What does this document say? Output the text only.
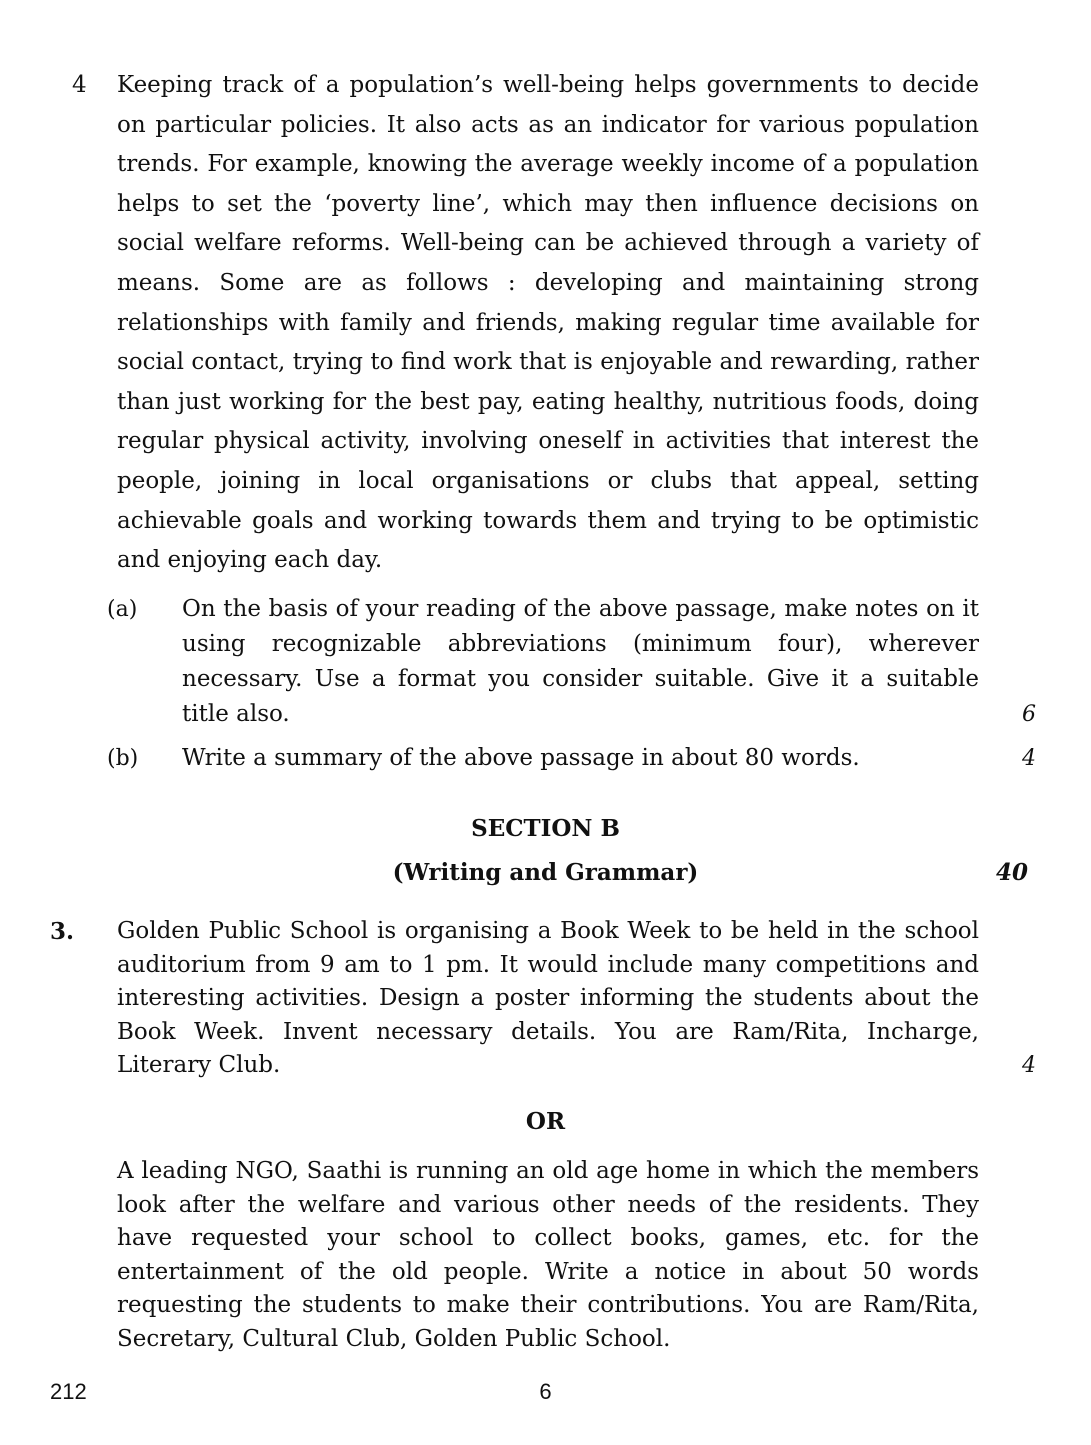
4 Keeping track of a population’s well-being helps governments to decide on particular policies. It also acts as an indicator for various population trends. For example, knowing the average weekly income of a population helps to set the ‘poverty line’, which may then influence decisions on social welfare reforms. Well-being can be achieved through a variety of means. Some are as follows : developing and maintaining strong relationships with family and friends, making regular time available for social contact, trying to find work that is enjoyable and rewarding, rather than just working for the best pay, eating healthy, nutritious foods, doing regular physical activity, involving oneself in activities that interest the people, joining in local organisations or clubs that appeal, setting achievable goals and working towards them and trying to be optimistic and enjoying each day.
(a) On the basis of your reading of the above passage, make notes on it using recognizable abbreviations (minimum four), wherever necessary. Use a format you consider suitable. Give it a suitable title also.	6
(b) Write a summary of the above passage in about 80 words.	4
SECTION B
(Writing and Grammar)	40
3. Golden Public School is organising a Book Week to be held in the school auditorium from 9 am to 1 pm. It would include many competitions and interesting activities. Design a poster informing the students about the Book Week. Invent necessary details. You are Ram/Rita, Incharge, Literary Club.	4
OR
A leading NGO, Saathi is running an old age home in which the members look after the welfare and various other needs of the residents. They have requested your school to collect books, games, etc. for the entertainment of the old people. Write a notice in about 50 words requesting the students to make their contributions. You are Ram/Rita, Secretary, Cultural Club, Golden Public School.
212	6
